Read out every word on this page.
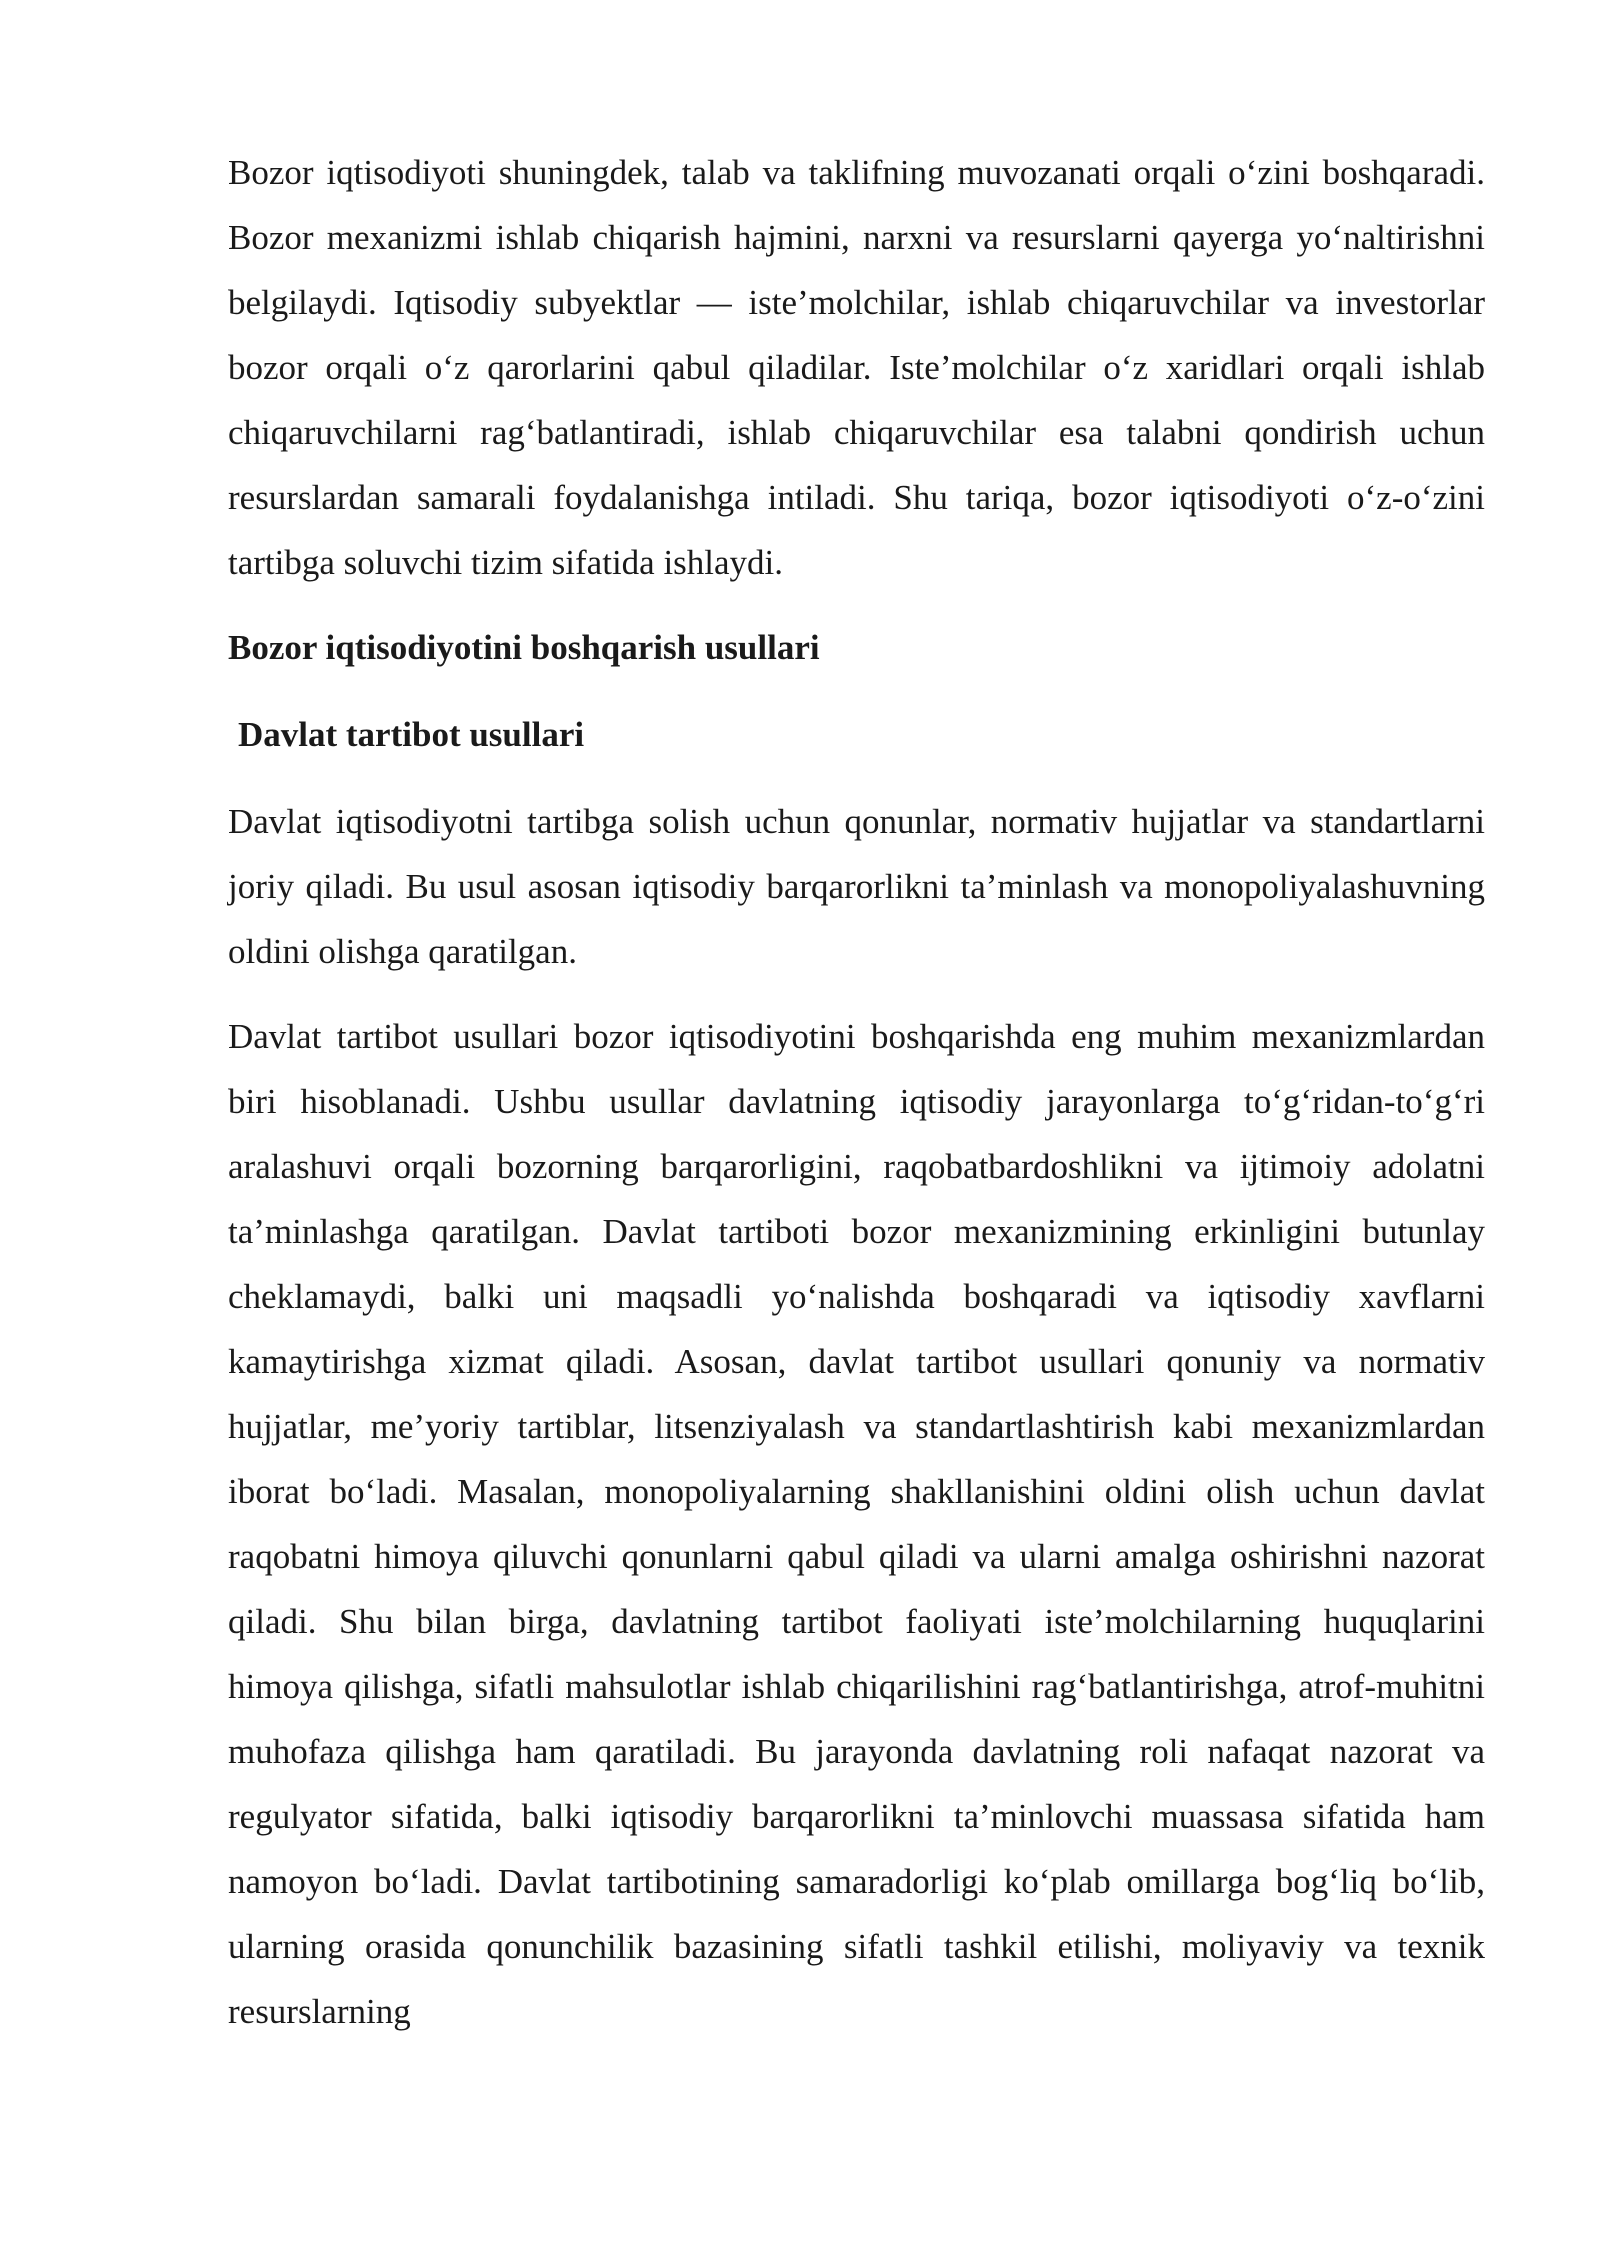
Bozor iqtisodiyoti shuningdek, talab va taklifning muvozanati orqali o‘zini boshqaradi. Bozor mexanizmi ishlab chiqarish hajmini, narxni va resurslarni qayerga yo‘naltirishni belgilaydi. Iqtisodiy subyektlar — iste’molchilar, ishlab chiqaruvchilar va investorlar bozor orqali o‘z qarorlarini qabul qiladilar. Iste’molchilar o‘z xaridlari orqali ishlab chiqaruvchilarni rag‘batlantiradi, ishlab chiqaruvchilar esa talabni qondirish uchun resurslardan samarali foydalanishga intiladi. Shu tariqa, bozor iqtisodiyoti o‘z-o‘zini tartibga soluvchi tizim sifatida ishlaydi.

Bozor iqtisodiyotini boshqarish usullari

Davlat tartibot usullari

Davlat iqtisodiyotni tartibga solish uchun qonunlar, normativ hujjatlar va standartlarni joriy qiladi. Bu usul asosan iqtisodiy barqarorlikni ta’minlash va monopoliyalashuvning oldini olishga qaratilgan.

Davlat tartibot usullari bozor iqtisodiyotini boshqarishda eng muhim mexanizmlardan biri hisoblanadi. Ushbu usullar davlatning iqtisodiy jarayonlarga to‘g‘ridan-to‘g‘ri aralashuvi orqali bozorning barqarorligini, raqobatbardoshlikni va ijtimoiy adolatni ta’minlashga qaratilgan. Davlat tartiboti bozor mexanizmining erkinligini butunlay cheklamaydi, balki uni maqsadli yo‘nalishda boshqaradi va iqtisodiy xavflarni kamaytirishga xizmat qiladi. Asosan, davlat tartibot usullari qonuniy va normativ hujjatlar, me’yoriy tartiblar, litsenziyalash va standartlashtirish kabi mexanizmlardan iborat bo‘ladi. Masalan, monopoliyalarning shakllanishini oldini olish uchun davlat raqobatni himoya qiluvchi qonunlarni qabul qiladi va ularni amalga oshirishni nazorat qiladi. Shu bilan birga, davlatning tartibot faoliyati iste’molchilarning huquqlarini himoya qilishga, sifatli mahsulotlar ishlab chiqarilishini rag‘batlantirishga, atrof-muhitni muhofaza qilishga ham qaratiladi. Bu jarayonda davlatning roli nafaqat nazorat va regulyator sifatida, balki iqtisodiy barqarorlikni ta’minlovchi muassasa sifatida ham namoyon bo‘ladi. Davlat tartibotining samaradorligi ko‘plab omillarga bog‘liq bo‘lib, ularning orasida qonunchilik bazasining sifatli tashkil etilishi, moliyaviy va texnik resurslarning
